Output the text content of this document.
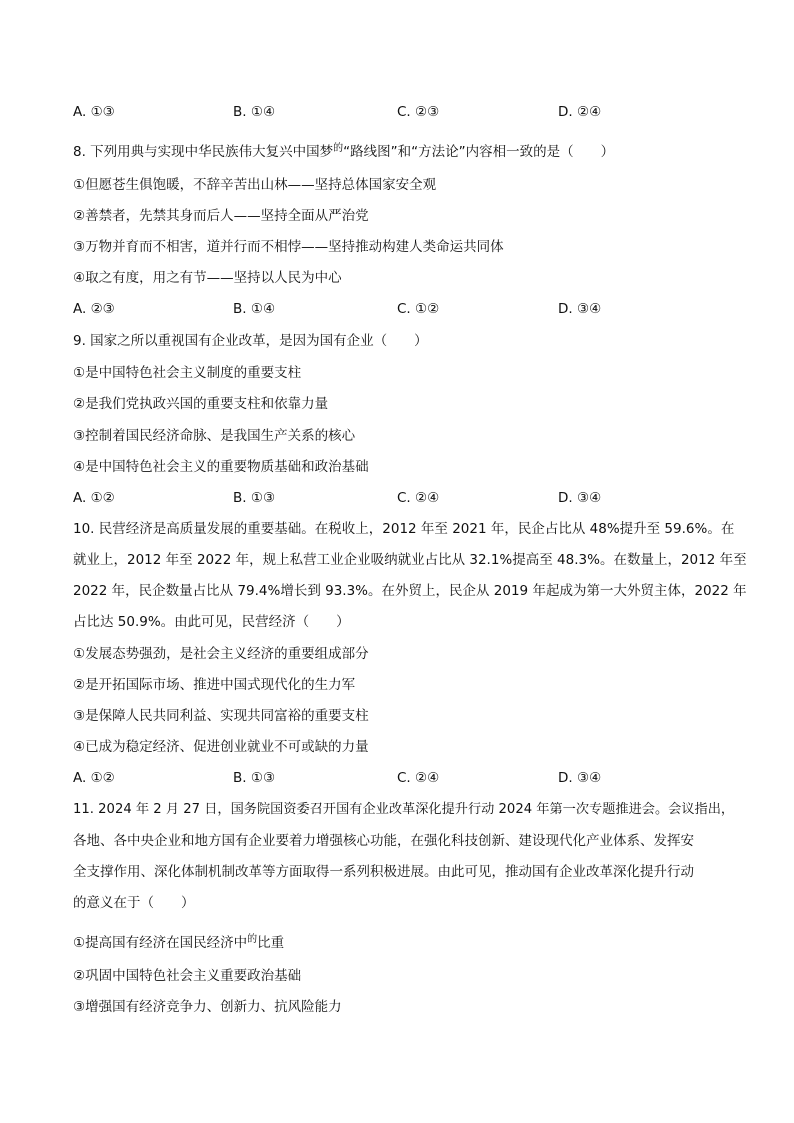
A. ①③	B. ①④	C. ②③	D. ②④
8. 下列用典与实现中华民族伟大复兴中国梦$^的$“路线图”和“方法论”内容相一致的是（　　）
①但愿苍生俱饱暖，不辞辛苦出山林——坚持总体国家安全观
②善禁者，先禁其身而后人——坚持全面从严治党
③万物并育而不相害，道并行而不相悖——坚持推动构建人类命运共同体
④取之有度，用之有节——坚持以人民为中心
A. ②③	B. ①④	C. ①②	D. ③④
9. 国家之所以重视国有企业改革，是因为国有企业（　　）
①是中国特色社会主义制度的重要支柱
②是我们党执政兴国的重要支柱和依靠力量
③控制着国民经济命脉、是我国生产关系的核心
④是中国特色社会主义的重要物质基础和政治基础
A. ①②	B. ①③	C. ②④	D. ③④
10. 民营经济是高质量发展的重要基础。在税收上，2012 年至 2021 年，民企占比从 48%提升至 59.6%。在
就业上，2012 年至 2022 年，规上私营工业企业吸纳就业占比从 32.1%提高至 48.3%。在数量上，2012 年至
2022 年，民企数量占比从 79.4%增长到 93.3%。在外贸上，民企从 2019 年起成为第一大外贸主体，2022 年
占比达 50.9%。由此可见，民营经济（　　）
①发展态势强劲，是社会主义经济的重要组成部分
②是开拓国际市场、推进中国式现代化的生力军
③是保障人民共同利益、实现共同富裕的重要支柱
④已成为稳定经济、促进创业就业不可或缺的力量
A. ①②	B. ①③	C. ②④	D. ③④
11. 2024 年 2 月 27 日，国务院国资委召开国有企业改革深化提升行动 2024 年第一次专题推进会。会议指出，
各地、各中央企业和地方国有企业要着力增强核心功能，在强化科技创新、建设现代化产业体系、发挥安
全支撑作用、深化体制机制改革等方面取得一系列积极进展。由此可见，推动国有企业改革深化提升行动
的意义在于（　　）
①提高国有经济在国民经济中$^的$比重
②巩固中国特色社会主义重要政治基础
③增强国有经济竞争力、创新力、抗风险能力
